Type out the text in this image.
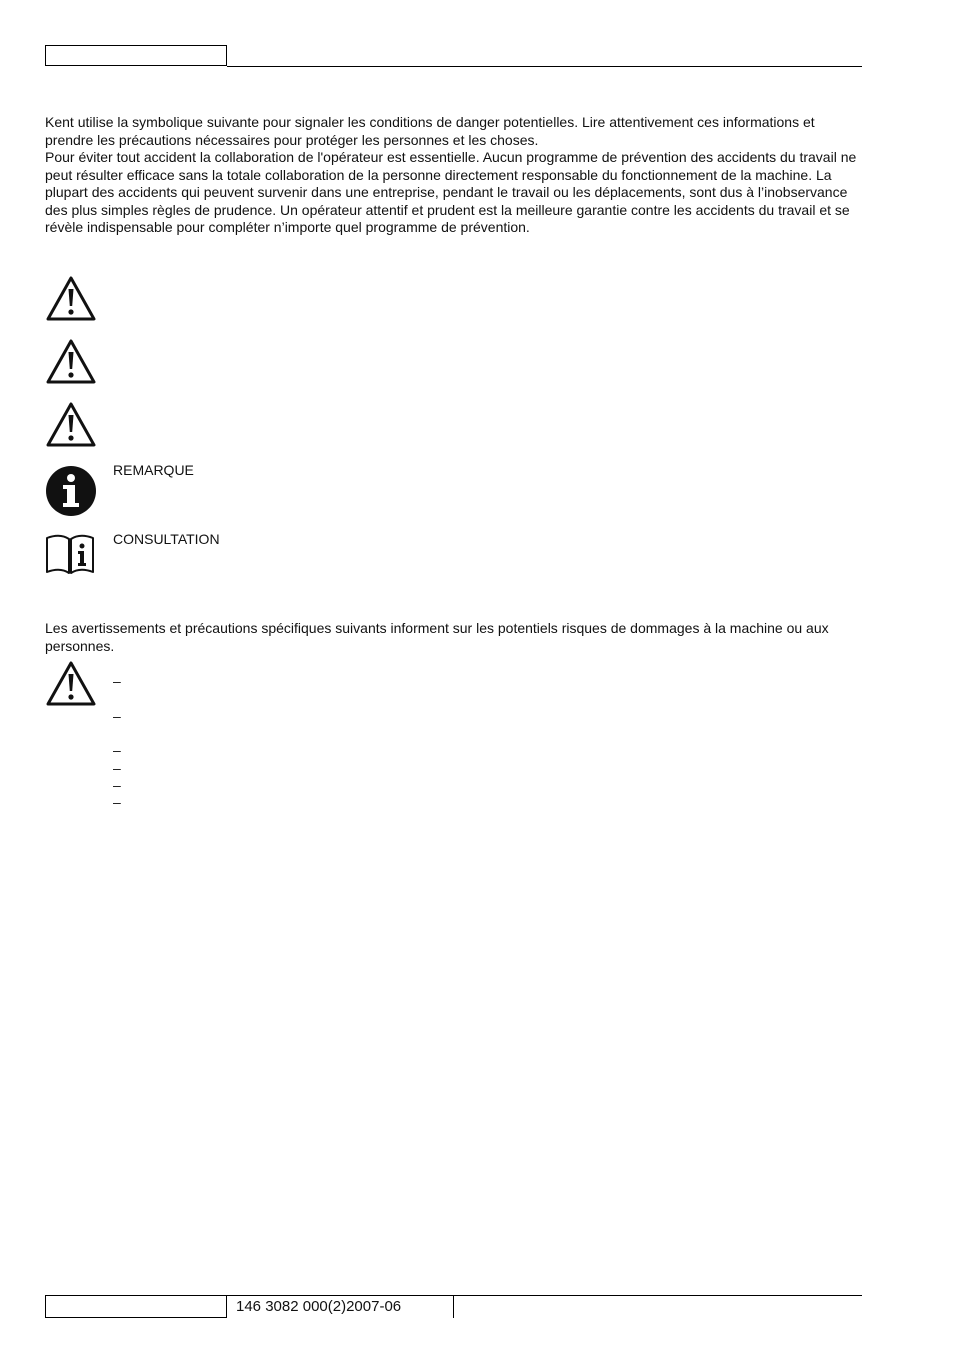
Kent utilise la symbolique suivante pour signaler les conditions de danger potentielles. Lire attentivement ces informations et prendre les précautions nécessaires pour protéger les personnes et les choses.

Pour éviter tout accident la collaboration de l'opérateur est essentielle. Aucun programme de prévention des accidents du travail ne peut résulter efficace sans la totale collaboration de la personne directement responsable du fonctionnement de la machine. La plupart des accidents qui peuvent survenir dans une entreprise, pendant le travail ou les déplacements, sont dus à l’inobservance des plus simples règles de prudence. Un opérateur attentif et prudent est la meilleure garantie contre les accidents du travail et se révèle indispensable pour compléter n’importe quel programme de prévention.

REMARQUE
CONSULTATION
Les avertissements et précautions spécifiques suivants informent sur les potentiels risques de dommages à la machine ou aux personnes.
–
–
–
–
–
–
146 3082 000(2)2007-06
